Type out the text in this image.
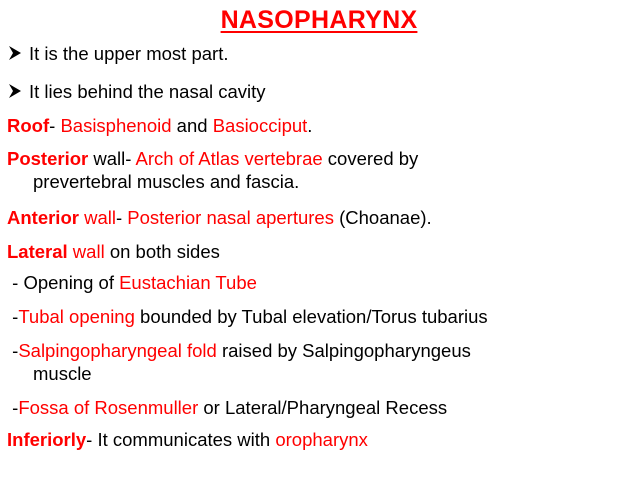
NASOPHARYNX
It is the upper most part.
It lies behind the nasal cavity
Roof- Basisphenoid and Basiocciput.
Posterior wall- Arch of Atlas vertebrae covered by
prevertebral muscles and fascia.
Anterior wall- Posterior nasal apertures (Choanae).
Lateral wall on both sides
- Opening of Eustachian Tube
-Tubal opening bounded by Tubal elevation/Torus tubarius
-Salpingopharyngeal fold raised by Salpingopharyngeus
muscle
-Fossa of Rosenmuller or Lateral/Pharyngeal Recess
Inferiorly- It communicates with oropharynx
